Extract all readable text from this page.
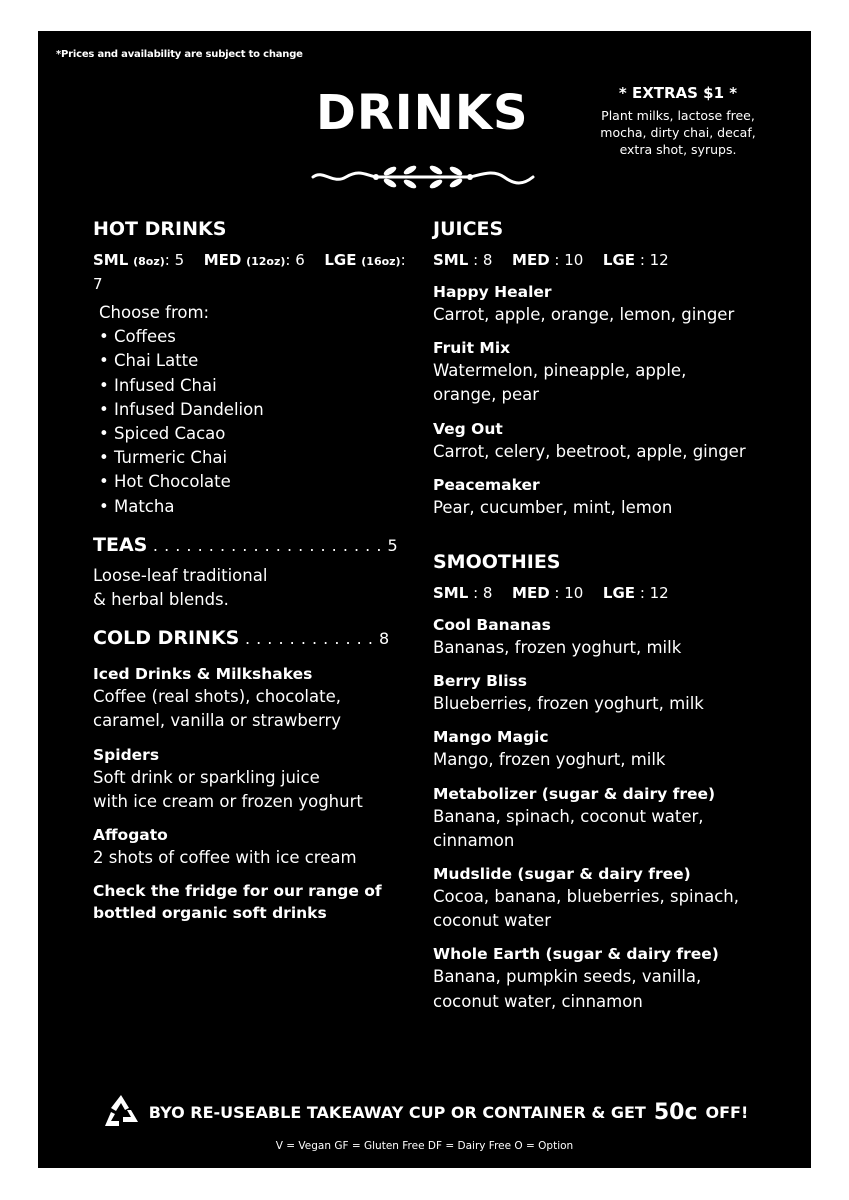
*Prices and availability are subject to change
DRINKS	* EXTRAS $1 *
Plant milks, lactose free,
mocha, dirty chai, decaf,
extra shot, syrups.
HOT DRINKS
SML (8oz): 5 MED (12oz): 6 LGE (16oz): 7
Choose from:
• Coffees
• Chai Latte
• Infused Chai
• Infused Dandelion
• Spiced Cacao
• Turmeric Chai
• Hot Chocolate
• Matcha
TEAS . . . . . . . . . . . . . . . . . . . . . 5
Loose-leaf traditional
& herbal blends.
COLD DRINKS . . . . . . . . . . . . 8
Iced Drinks & Milkshakes
Coffee (real shots), chocolate,
caramel, vanilla or strawberry
Spiders
Soft drink or sparkling juice
with ice cream or frozen yoghurt
Affogato
2 shots of coffee with ice cream
Check the fridge for our range of
bottled organic soft drinks
JUICES
SML : 8 MED : 10 LGE : 12
Happy Healer
Carrot, apple, orange, lemon, ginger
Fruit Mix
Watermelon, pineapple, apple,
orange, pear
Veg Out
Carrot, celery, beetroot, apple, ginger
Peacemaker
Pear, cucumber, mint, lemon
SMOOTHIES
SML : 8 MED : 10 LGE : 12
Cool Bananas
Bananas, frozen yoghurt, milk
Berry Bliss
Blueberries, frozen yoghurt, milk
Mango Magic
Mango, frozen yoghurt, milk
Metabolizer (sugar & dairy free)
Banana, spinach, coconut water,
cinnamon
Mudslide (sugar & dairy free)
Cocoa, banana, blueberries, spinach,
coconut water
Whole Earth (sugar & dairy free)
Banana, pumpkin seeds, vanilla,
coconut water, cinnamon
BYO RE-USEABLE TAKEAWAY CUP OR CONTAINER & GET 50c OFF!
V = Vegan GF = Gluten Free DF = Dairy Free O = Option
